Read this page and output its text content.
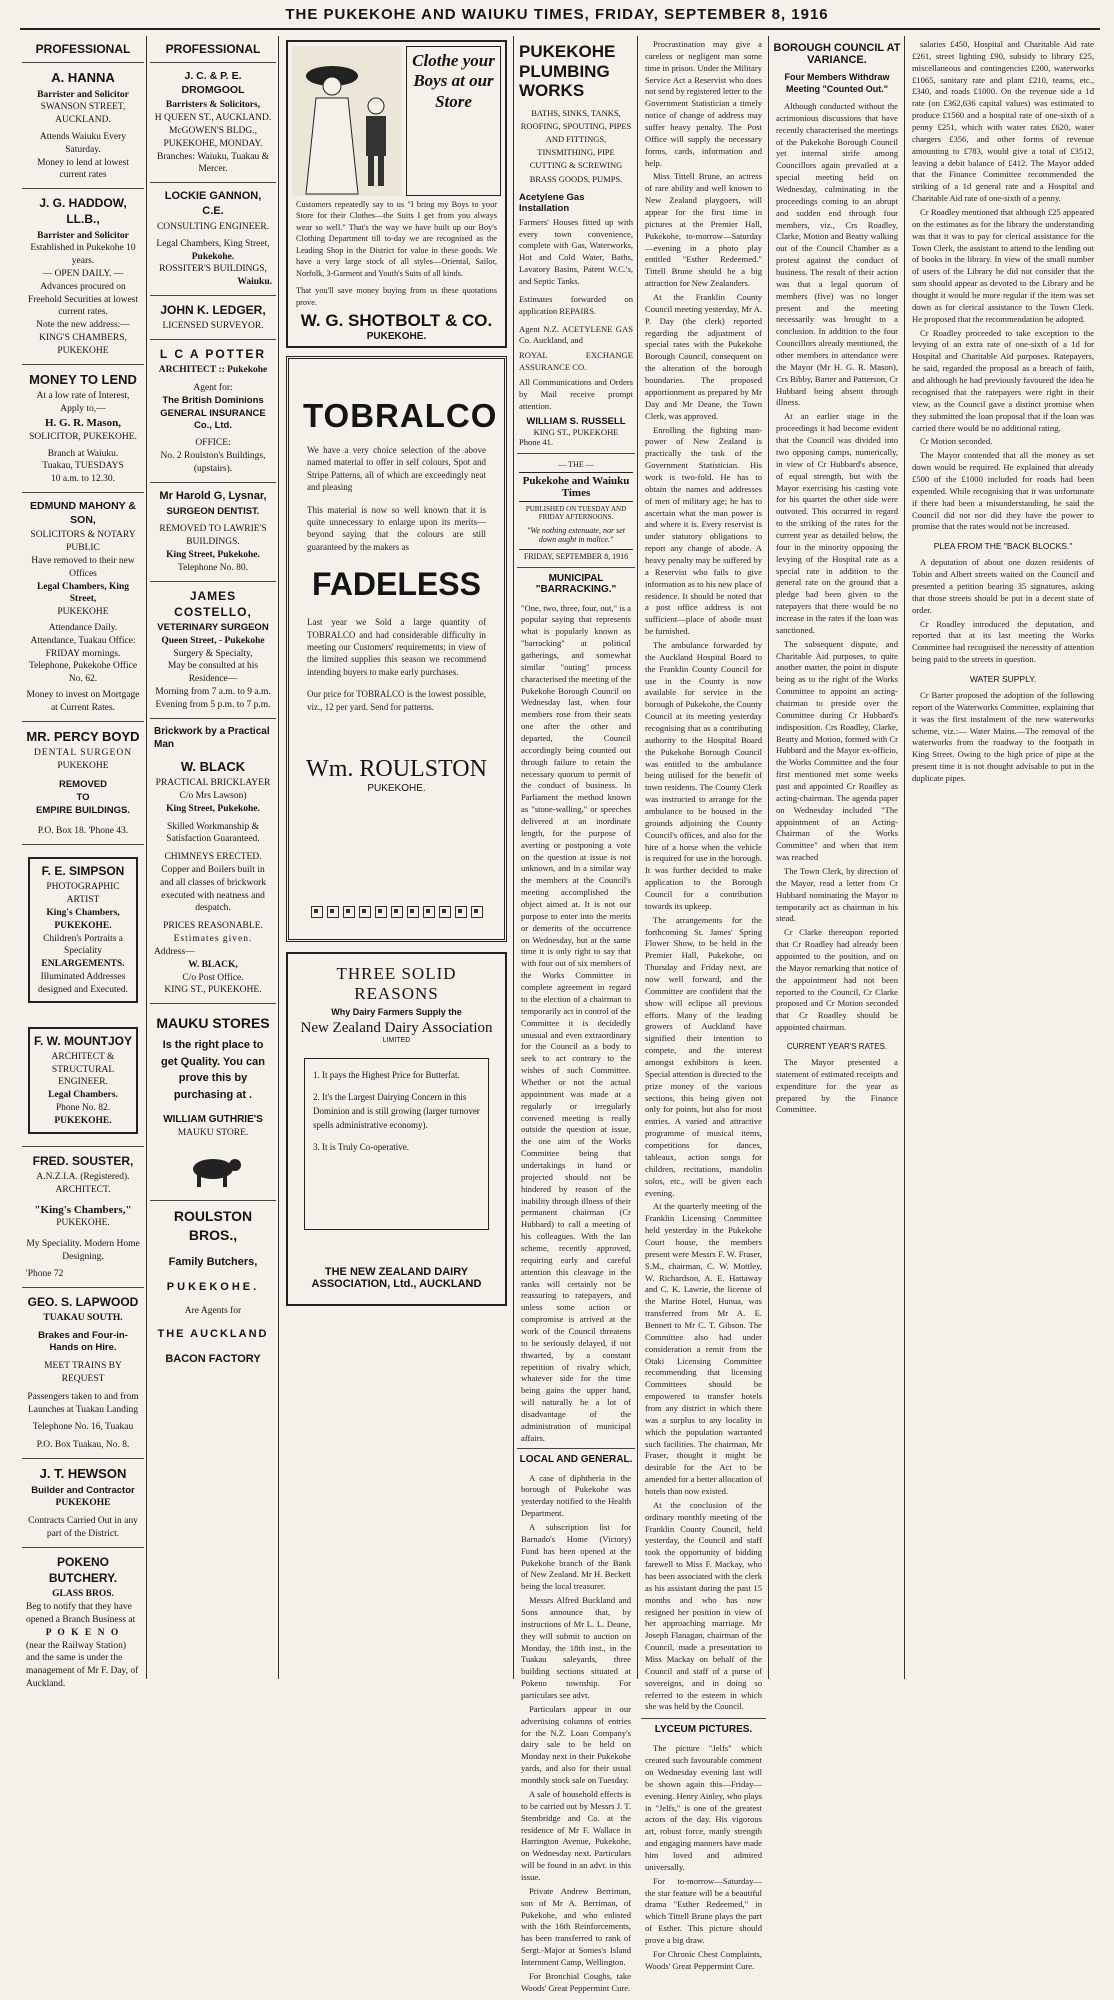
THE PUKEKOHE AND WAIUKU TIMES, FRIDAY, SEPTEMBER 8, 1916
PROFESSIONAL
A. HANNA
Barrister and Solicitor
SWANSON STREET, AUCKLAND.
Attends Waiuku Every Saturday.
Money to lend at lowest current rates
J. G. HADDOW, LL.B.,
Barrister and Solicitor
Established in Pukekohe 10 years.
— OPEN DAILY. —
Advances procured on Freehold Securities at lowest current rates.
Note the new address:—
KING'S CHAMBERS, PUKEKOHE
MONEY TO LEND
At a low rate of Interest,
Apply to,—
H. G. R. Mason,
SOLICITOR, PUKEKOHE.
Branch at Waiuku.
Tuakau, TUESDAYS
10 a.m. to 12.30.
EDMUND MAHONY & SON,
SOLICITORS & NOTARY PUBLIC
Have removed to their new Offices
Legal Chambers, King Street,
PUKEKOHE
Attendance Daily.
Attendance, Tuakau Office: FRIDAY mornings. Telephone, Pukekohe Office No. 62.
Money to invest on Mortgage at Current Rates.
MR. PERCY BOYD
DENTAL SURGEON
PUKEKOHE
REMOVED
TO
EMPIRE BUILDINGS.
P.O. Box 18. 'Phone 43.
F. E. SIMPSON
PHOTOGRAPHIC ARTIST
King's Chambers,
PUKEKOHE.
Children's Portraits a Speciality
ENLARGEMENTS.
Illuminated Addresses designed and Executed.
F. W. MOUNTJOY
ARCHITECT & STRUCTURAL ENGINEER.
Legal Chambers.
Phone No. 82.
PUKEKOHE.
FRED. SOUSTER,
A.N.Z.I.A. (Registered).
ARCHITECT.
"King's Chambers,"
PUKEKOHE.
My Speciality. Modern Home Designing.
'Phone 72
GEO. S. LAPWOOD
TUAKAU SOUTH.
Brakes and Four-in-Hands on Hire.
MEET TRAINS BY REQUEST
Passengers taken to and from Launches at Tuakau Landing
Telephone No. 16, Tuakau
P.O. Box Tuakau, No. 8.
J. T. HEWSON
Builder and Contractor
PUKEKOHE
Contracts Carried Out in any part of the District.
POKENO BUTCHERY.
GLASS BROS.
Beg to notify that they have opened a Branch Business at
P O K E N O
(near the Railway Station) and the same is under the management of Mr F. Day, of Auckland.
PROFESSIONAL
J. C. & P. E. DROMGOOL
Barristers & Solicitors,
H QUEEN ST., AUCKLAND.
McGOWEN'S BLDG., PUKEKOHE, MONDAY.
Branches: Waiuku, Tuakau & Mercer.
LOCKIE GANNON, C.E.
CONSULTING ENGINEER.
Legal Chambers, King Street,
Pukekohe.
ROSSITER'S BUILDINGS,
Waiuku.
JOHN K. LEDGER,
LICENSED SURVEYOR.
L C A POTTER
ARCHITECT :: Pukekohe
Agent for:
The British Dominions GENERAL INSURANCE Co., Ltd.
OFFICE:
No. 2 Roulston's Buildings, (upstairs).
Mr Harold G, Lysnar,
SURGEON DENTIST.
REMOVED TO LAWRIE'S BUILDINGS.
King Street, Pukekohe.
Telephone No. 80.
JAMES COSTELLO,
VETERINARY SURGEON
Queen Street, - Pukekohe
Surgery & Specialty,
May be consulted at his Residence—
Morning from 7 a.m. to 9 a.m.
Evening from 5 p.m. to 7 p.m.
Brickwork by a Practical Man
W. BLACK
PRACTICAL BRICKLAYER
C/o Mrs Lawson)
King Street, Pukekohe.
Skilled Workmanship & Satisfaction Guaranteed.
CHIMNEYS ERECTED.
Copper and Boilers built in and all classes of brickwork executed with neatness and despatch.
PRICES REASONABLE.
Estimates given.
Address—
W. BLACK,
C/o Post Office.
KING ST., PUKEKOHE.
MAUKU STORES
Is the right place to get Quality. You can prove this by purchasing at .
WILLIAM GUTHRIE'S
MAUKU STORE.
ROULSTON BROS.,
Family Butchers,
PUKEKOHE.
Are Agents for
THE AUCKLAND
BACON FACTORY
Clothe your Boys at our Store
Customers repeatedly say to us "I bring my Boys to your Store for their Clothes—the Suits I get from you always wear so well." That's the way we have built up our Boy's Clothing Department till to-day we are recognised as the Leading Shop in the District for value in these goods. We have a very large stock of all styles—Oriental, Sailor, Norfolk, 3-Garment and Youth's Suits of all kinds.
That you'll save money buying from us these quotations prove.
W. G. SHOTBOLT & CO.
PUKEKOHE.
TOBRALCO
We have a very choice selection of the above named material to offer in self colours, Spot and Stripe Patterns, all of which are exceedingly neat and pleasing
This material is now so well known that it is quite unnecessary to enlarge upon its merits—beyond saying that the colours are still guaranteed by the makers as
FADELESS
Last year we Sold a large quantity of TOBRALCO and had considerable difficulty in meeting our Customers' requirements; in view of the limited supplies this season we recommend intending buyers to make early purchases.
Our price for TOBRALCO is the lowest possible, viz., 12 per yard. Send for patterns.
Wm. ROULSTON
PUKEKOHE.
THREE SOLID REASONS
Why Dairy Farmers Supply the
New Zealand Dairy Association
LIMITED
1. It pays the Highest Price for Butterfat.
2. It's the Largest Dairying Concern in this Dominion and is still growing (larger turnover spells administrative economy).
3. It is Truly Co-operative.
THE NEW ZEALAND DAIRY ASSOCIATION, Ltd., AUCKLAND
PUKEKOHE PLUMBING WORKS
BATHS, SINKS, TANKS, ROOFING, SPOUTING, PIPES AND FITTINGS, TINSMITHING, PIPE CUTTING & SCREWING BRASS GOODS, PUMPS.
Acetylene Gas Installation
Farmers' Houses fitted up with every town convenience, complete with Gas, Waterworks, Hot and Cold Water, Baths, Lavatory Basins, Patent W.C.'s, and Septic Tanks.
Estimates forwarded on application REPAIRS.
Agent N.Z. ACETYLENE GAS Co. Auckland, and
ROYAL EXCHANGE ASSURANCE CO.
All Communications and Orders by Mail receive prompt attention.
WILLIAM S. RUSSELL
KING ST., PUKEKOHE
Phone 41.
— THE —
Pukekohe and Waiuku Times
PUBLISHED ON TUESDAY AND FRIDAY AFTERNOONS.
"We nothing extenuate, nor set down aught in malice."
FRIDAY, SEPTEMBER 8, 1916
MUNICIPAL "BARRACKING."
"One, two, three, four, out," is a popular saying that represents what is popularly known as "barracking" at political gatherings, and somewhat similar "outing" process characterised the meeting of the Pukekohe Borough Council on Wednesday last, when four members rose from their seats one after the other and departed, the Council accordingly being counted out through failure to retain the necessary quorum to permit of the conduct of business. In Parliament the method known as "stone-walling," or speeches delivered at an inordinate length, for the purpose of averting or postponing a vote on the question at issue is not unknown, and in a similar way the members at the Council's meeting accomplished the object aimed at. It is not our purpose to enter into the merits or demerits of the occurrence on Wednesday, but at the same time it is only right to say that with four out of six members of the Works Committee in complete agreement in regard to the election of a chairman to temporarily act in control of the Committee it is decidedly unusual and even extraordinary for the Council as a body to seek to act contrary to the wishes of such Committee. Whether or not the actual appointment was made at a regularly or irregularly convened meeting is really outside the question at issue, the one aim of the Works Committee being that undertakings in hand or projected should not be hindered by reason of the inability through illness of their permanent chairman (Cr Hubbard) to call a meeting of his colleagues. With the Ian scheme, recently approved, requiring early and careful attention this cleavage in the ranks will certainly not be reassuring to ratepayers, and unless some action or compromise is arrived at the work of the Council threatens to be seriously delayed, if not thwarted, by a constant repetition of rivalry which, whatever side for the time being gains the upper hand, will naturally be a lot of disadvantage of the administration of municipal affairs.
LOCAL AND GENERAL.

A case of diphtheria in the borough of Pukekohe was yesterday notified to the Health Department.

A subscription list for Barnado's Home (Victory) Fund has been opened at the Pukekohe branch of the Bank of New Zealand. Mr H. Beckett being the local treasurer.

Messrs Alfred Buckland and Sons announce that, by instructions of Mr L. L. Deane, they will submit to auction on Monday, the 18th inst., in the Tuakau saleyards, three building sections situated at Pokeno township. For particulars see advt.

Particulars appear in our advertising columns of entries for the N.Z. Loan Company's dairy sale to be held on Monday next in their Pukekohe yards, and also for their usual monthly stock sale on Tuesday.

A sale of household effects is to be carried out by Messrs J. T. Stembridge and Co. at the residence of Mr F. Wallace in Harrington Avenue, Pukekohe, on Wednesday next. Particulars will be found in an advt. in this issue.

Private Andrew Berriman, son of Mr A. Berriman, of Pukekohe, and who enlisted with the 16th Reinforcements, has been transferred to rank of Sergt.-Major at Somes's Island Internment Camp, Wellington.

For Bronchial Coughs, take Woods' Great Peppermint Cure.

Procrastination may give a careless or negligent man some time in prison. Under the Military Service Act a Reservist who does not send by registered letter to the Government Statistician a timely notice of change of address may suffer heavy penalty. The Post Office will supply the necessary forms, cards, information and help.

Miss Tittell Brune, an actress of rare ability and well known to New Zealand playgoers, will appear for the first time in pictures at the Premier Hall, Pukekohe, to-morrow—Saturday—evening in a photo play entitled "Esther Redeemed." Tittell Brune should be a big attraction for New Zealanders.

At the Franklin County Council meeting yesterday, Mr A. P. Day (the clerk) reported regarding the adjustment of special rates with the Pukekohe Borough Council, consequent on the alteration of the borough boundaries. The proposed apportionment as prepared by Mr Day and Mr Deane, the Town Clerk, was approved.

Enrolling the fighting man-power of New Zealand is practically the task of the Government Statistician. His work is two-fold. He has to obtain the names and addresses of men of military age; he has to ascertain what the man power is and where it is. Every reservist is under statutory obligations to report any change of abode. A heavy penalty may be suffered by a Reservist who fails to give information as to his new place of residence. It should be noted that a post office address is not sufficient—place of abode must be furnished.

The ambulance forwarded by the Auckland Hospital Board to the Franklin County Council for use in the County is now available for service in the borough of Pukekohe, the County Council at its meeting yesterday recognising that as a contributing authority to the Hospital Board the Pukekohe Borough Council was entitled to the ambulance being utilised for the benefit of town residents. The County Clerk was instructed to arrange for the ambulance to be housed in the grounds adjoining the County Council's offices, and also for the hire of a horse when the vehicle is required for use in the borough. It was further decided to make application to the Borough Council for a contribution towards its upkeep.

The arrangements for the forthcoming St. James' Spring Flower Show, to be held in the Premier Hall, Pukekohe, on Thursday and Friday next, are now well forward, and the Committee are confident that the show will eclipse all previous efforts. Many of the leading growers of Auckland have signified their intention to compete, and the interest amongst exhibitors is keen. Special attention is directed to the prize money of the various sections, this being given not only for points, but also for most entries. A varied and attractive programme of musical items, competitions for dances, tableaux, action songs for children, recitations, mandolin solos, etc., will be given each evening.

At the quarterly meeting of the Franklin Licensing Committee held yesterday in the Pukekohe Court house, the members present were Messrs F. W. Fraser, S.M., chairman, C. W. Mottley, W. Richardson, A. E. Hattaway and C. K. Lawrie, the license of the Marine Hotel, Hunua, was transferred from Mr A. E. Bennett to Mr C. T. Gibson. The Committee also had under consideration a remit from the Otaki Licensing Committee recommending that licensing Committees should be empowered to transfer hotels from any district in which there was a surplus to any locality in which the population warranted such facilities. The chairman, Mr Fraser, thought it might be desirable for the Act to be amended for a better allocation of hotels than now existed.

At the conclusion of the ordinary monthly meeting of the Franklin County Council, held yesterday, the Council and staff took the opportunity of bidding farewell to Miss F. Mackay, who has been associated with the clerk as his assistant during the past 15 months and who has now resigned her position in view of her approaching marriage. Mr Joseph Flanagan, chairman of the Council, made a presentation to Miss Mackay on behalf of the Council and staff of a purse of sovereigns, and in doing so referred to the esteem in which she was held by the Council.

LYCEUM PICTURES.

The picture "Jelfs" which created such favourable comment on Wednesday evening last will be shown again this—Friday—evening. Henry Ainley, who plays in "Jelfs," is one of the greatest actors of the day. His vigorous art, robust force, manly strength and engaging manners have made him loved and admired universally.

For to-morrow—Saturday—the star feature will be a beautiful drama "Esther Redeemed," in which Tittell Brune plays the part of Esther. This picture should prove a big draw.

For Chronic Chest Complaints, Woods' Great Peppermint Cure.

BOROUGH COUNCIL AT VARIANCE.
Four Members Withdraw
Meeting "Counted Out."

Although conducted without the acrimonious discussions that have recently characterised the meetings of the Pukekohe Borough Council yet internal strife among Councillors again prevailed at a special meeting held on Wednesday, culminating in the proceedings coming to an abrupt and sudden end through four members, viz., Crs Roadley, Clarke, Motion and Beatty walking out of the Council Chamber as a protest against the conduct of business. The result of their action was that a legal quorum of members (five) was no longer present and the meeting necessarily was brought to a conclusion. In addition to the four Councillors already mentioned, the other members in attendance were the Mayor (Mr H. G. R. Mason), Crs Bibby, Barter and Patterson, Cr Hubbard being absent through illness.

At an earlier stage in the proceedings it had become evident that the Council was divided into two opposing camps, numerically, in view of Cr Hubbard's absence, of equal strength, but with the Mayor exercising his casting vote for his quartet the other side were outvoted. This occurred in regard to the striking of the rates for the current year as detailed below, the four in the minority opposing the levying of the Hospital rate as a special rate in addition to the general rate on the ground that a pledge had been given to the ratepayers that there would be no increase in the rates if the loan was sanctioned.

The subsequent dispute, and Charitable Aid purposes, to quite another matter, the point in dispute being as to the right of the Works Committee to appoint an acting-chairman to preside over the Committee during Cr Hubbard's indisposition. Crs Roadley, Clarke, Beatty and Motion, formed with Cr Hubbard and the Mayor ex-officio, the Works Committee and the four first mentioned met some weeks past and appointed Cr Roadley as acting-chairman. The agenda paper on Wednesday included "The appointment of an Acting-Chairman of the Works Committee" and when that item was reached

The Town Clerk, by direction of the Mayor, read a letter from Cr Hubbard nominating the Mayor to temporarily act as chairman in his stead.

Cr Clarke thereupon reported that Cr Roadley had already been appointed to the position, and on the Mayor remarking that notice of the appointment had not been reported to the Council, Cr Clarke proposed and Cr Motion seconded that Cr Roadley should be appointed chairman.

CURRENT YEAR'S RATES.

The Mayor presented a statement of estimated receipts and expenditure for the year as prepared by the Finance Committee.

salaries £450, Hospital and Charitable Aid rate £261, street lighting £90, subsidy to library £25, miscellaneous and contingencies £200, waterworks £1065, sanitary rate and plant £210, teams, etc., £340, and roads £1000. On the revenue side a 1d rate (on £362,636 capital values) was estimated to produce £1560 and a hospital rate of one-sixth of a penny £251, which with water rates £620, water chargers £356, and other forms of revenue amounting to £783, would give a total of £3512, leaving a debit balance of £412. The Mayor added that the Finance Committee recommended the striking of a 1d general rate and a Hospital and Charitable Aid rate of one-sixth of a penny.

Cr Roadley mentioned that although £25 appeared on the estimates as for the library the understanding was that it was to pay for clerical assistance for the Town Clerk, the assistant to attend to the lending out of books in the library. In view of the small number of users of the Library he did not consider that the sum should appear as devoted to the Library and he thought it would be more regular if the item was set down as for clerical assistance to the Town Clerk. He proposed that the recommendation be adopted.

Cr Roadley proceeded to take exception to the levying of an extra rate of one-sixth of a 1d for Hospital and Charitable Aid purposes. Ratepayers, he said, regarded the proposal as a breach of faith, and although he had previously favoured the idea he recognised that the ratepayers were right in their view, as the Council gave a distinct promise when they submitted the loan proposal that if the loan was carried there would be no additional rating.

Cr Motion seconded.

The Mayor contended that all the money as set down would be required. He explained that already £500 of the £1000 included for roads had been expended. While recognising that it was unfortunate if there had been a misunderstanding, he said the Council did not nor did they have the power to promise that the rates would not be increased.

PLEA FROM THE "BACK BLOCKS."

A deputation of about one dozen residents of Tobin and Albert streets waited on the Council and presented a petition bearing 35 signatures, asking that those streets should be put in a decent state of order.

Cr Roadley introduced the deputation, and reported that at its last meeting the Works Committee had recognised the necessity of attention being paid to the streets in question.

WATER SUPPLY.

Cr Barter proposed the adoption of the following report of the Waterworks Committee, explaining that it was the first instalment of the new waterworks scheme, viz.:— Water Mains.—The removal of the waterworks from the roadway to the footpath in King Street. Owing to the high price of pipe at the present time it is not thought advisable to put in the duplicate pipes.
